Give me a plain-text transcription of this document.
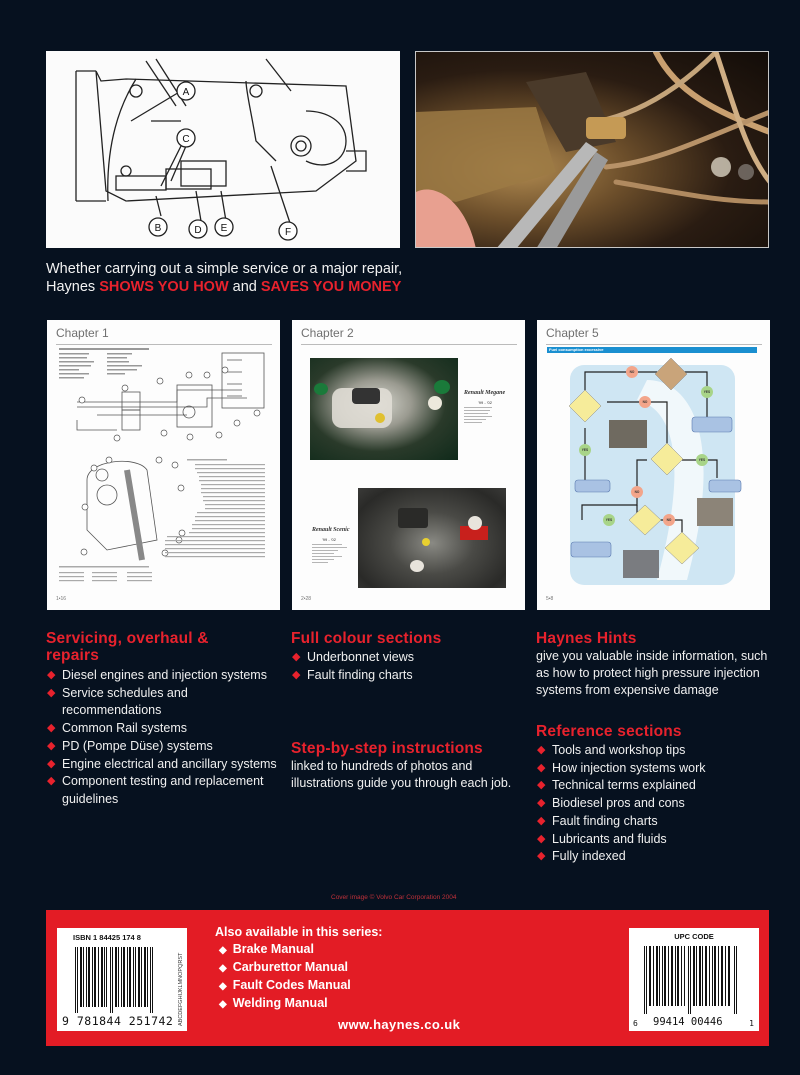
A
C
B	D E	F
Whether carrying out a simple service or a major repair,
Haynes SHOWS YOU HOW and SAVES YOU MONEY
Chapter 1
1•16
Chapter 2
Renault Megane
'99 - '02
Renault Scenic
'99 - '02
2•28
Chapter 5
Fuel consumption excessive
NO
NO
NO
NO
YES
YES
YES
YES
5•8
Servicing, overhaul & repairs
◆ Diesel engines and injection systems
◆ Service schedules and recommendations
◆ Common Rail systems
◆ PD (Pompe Düse) systems
◆ Engine electrical and ancillary systems
◆ Component testing and replacement guidelines
Full colour sections
◆ Underbonnet views
◆ Fault finding charts
Step-by-step instructions
linked to hundreds of photos and illustrations guide you through each job.
Haynes Hints
give you valuable inside information, such as how to protect high pressure injection systems from expensive damage
Reference sections
◆ Tools and workshop tips
◆ How injection systems work
◆ Technical terms explained
◆ Biodiesel pros and cons
◆ Fault finding charts
◆ Lubricants and fluids
◆ Fully indexed
Cover image © Volvo Car Corporation 2004
ISBN 1 84425 174 8
9 781844 251742 ABCDEFGHIJKLMNOPQRST
Also available in this series:
◆ Brake Manual
◆ Carburettor Manual
◆ Fault Codes Manual
◆ Welding Manual
www.haynes.co.uk
UPC CODE
6 99414 00446	1
